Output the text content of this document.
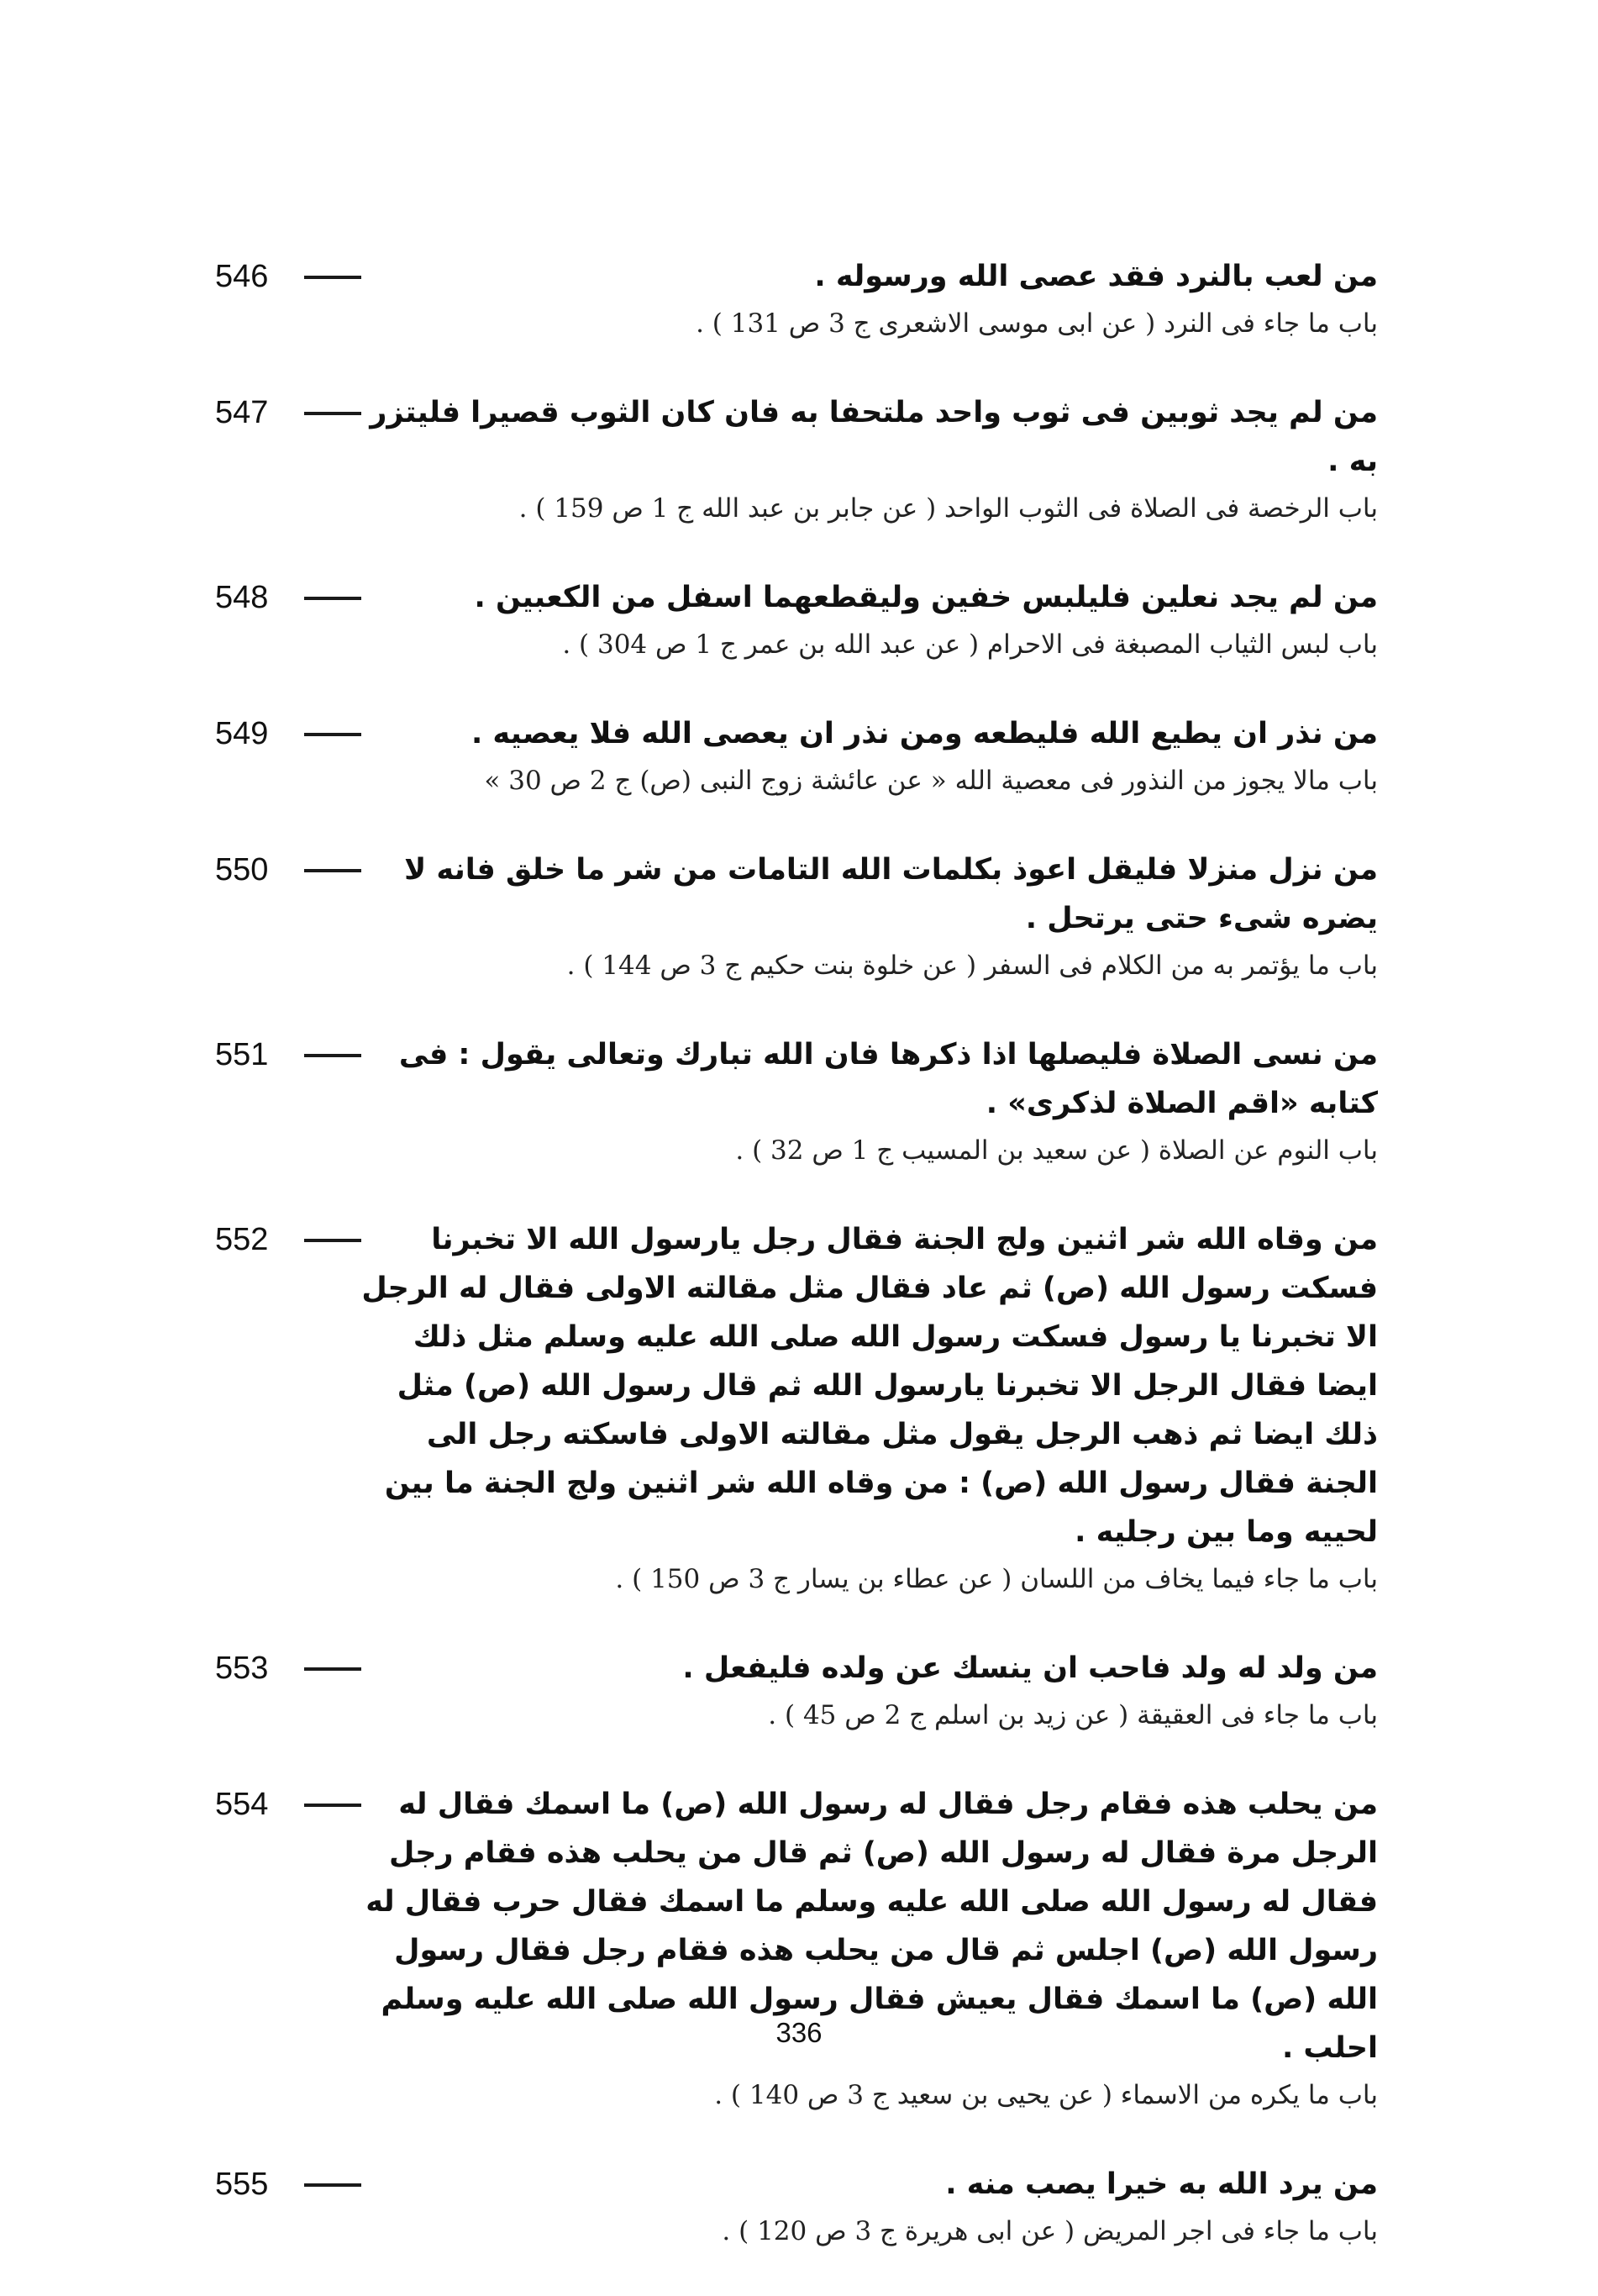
546	من لعب بالنرد فقد عصى الله ورسوله .

باب ما جاء فى النرد ( عن ابى موسى الاشعرى ج 3 ص 131 ) .

547	من لم يجد ثوبين فى ثوب واحد ملتحفا به فان كان الثوب قصيرا فليتزر به .

باب الرخصة فى الصلاة فى الثوب الواحد ( عن جابر بن عبد الله ج 1 ص 159 ) .

548	من لم يجد نعلين فليلبس خفين وليقطعهما اسفل من الكعبين .

باب لبس الثياب المصبغة فى الاحرام ( عن عبد الله بن عمر ج 1 ص 304 ) .

549	من نذر ان يطيع الله فليطعه ومن نذر ان يعصى الله فلا يعصيه .

باب مالا يجوز من النذور فى معصية الله « عن عائشة زوج النبى (ص) ج 2 ص 30 »

550	من نزل منزلا فليقل اعوذ بكلمات الله التامات من شر ما خلق فانه لا يضره شىء حتى يرتحل .

باب ما يؤتمر به من الكلام فى السفر ( عن خلوة بنت حكيم ج 3 ص 144 ) .

551	من نسى الصلاة فليصلها اذا ذكرها فان الله تبارك وتعالى يقول : فى كتابه «اقم الصلاة لذكرى» .

باب النوم عن الصلاة ( عن سعيد بن المسيب ج 1 ص 32 ) .

552	من وقاه الله شر اثنين ولج الجنة فقال رجل يارسول الله الا تخبرنا فسكت رسول الله (ص) ثم عاد فقال مثل مقالته الاولى فقال له الرجل الا تخبرنا يا رسول فسكت رسول الله صلى الله عليه وسلم مثل ذلك ايضا فقال الرجل الا تخبرنا يارسول الله ثم قال رسول الله (ص) مثل ذلك ايضا ثم ذهب الرجل يقول مثل مقالته الاولى فاسكته رجل الى الجنة فقال رسول الله (ص) : من وقاه الله شر اثنين ولج الجنة ما بين لحييه وما بين رجليه .

باب ما جاء فيما يخاف من اللسان ( عن عطاء بن يسار ج 3 ص 150 ) .

553	من ولد له ولد فاحب ان ينسك عن ولده فليفعل .

باب ما جاء فى العقيقة ( عن زيد بن اسلم ج 2 ص 45 ) .

554	من يحلب هذه فقام رجل فقال له رسول الله (ص) ما اسمك فقال له الرجل مرة فقال له رسول الله (ص) ثم قال من يحلب هذه فقام رجل فقال له رسول الله صلى الله عليه وسلم ما اسمك فقال حرب فقال له رسول الله (ص) اجلس ثم قال من يحلب هذه فقام رجل فقال رسول الله (ص) ما اسمك فقال يعيش فقال رسول الله صلى الله عليه وسلم احلب .

باب ما يكره من الاسماء ( عن يحيى بن سعيد ج 3 ص 140 ) .

555	من يرد الله به خيرا يصب منه .

باب ما جاء فى اجر المريض ( عن ابى هريرة ج 3 ص 120 ) .

336
